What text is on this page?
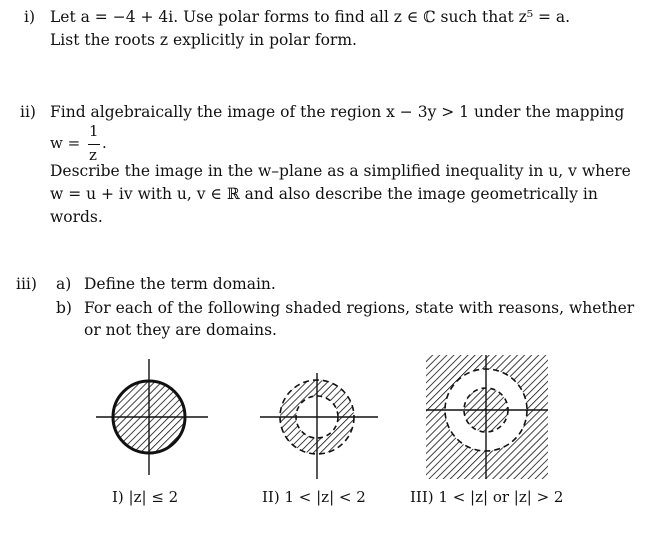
i) Let a = −4 + 4i. Use polar forms to find all z ∈ ℂ such that z⁵ = a.
List the roots z explicitly in polar form.
ii) Find algebraically the image of the region x − 3y > 1 under the mapping
w =
1
z
.
Describe the image in the w–plane as a simplified inequality in u, v where
w = u + iv with u, v ∈ ℝ and also describe the image geometrically in
words.
iii) a) Define the term domain.
b) For each of the following shaded regions, state with reasons, whether
or not they are domains.
I) |z| ≤ 2	II) 1 < |z| < 2	III) 1 < |z| or |z| > 2
